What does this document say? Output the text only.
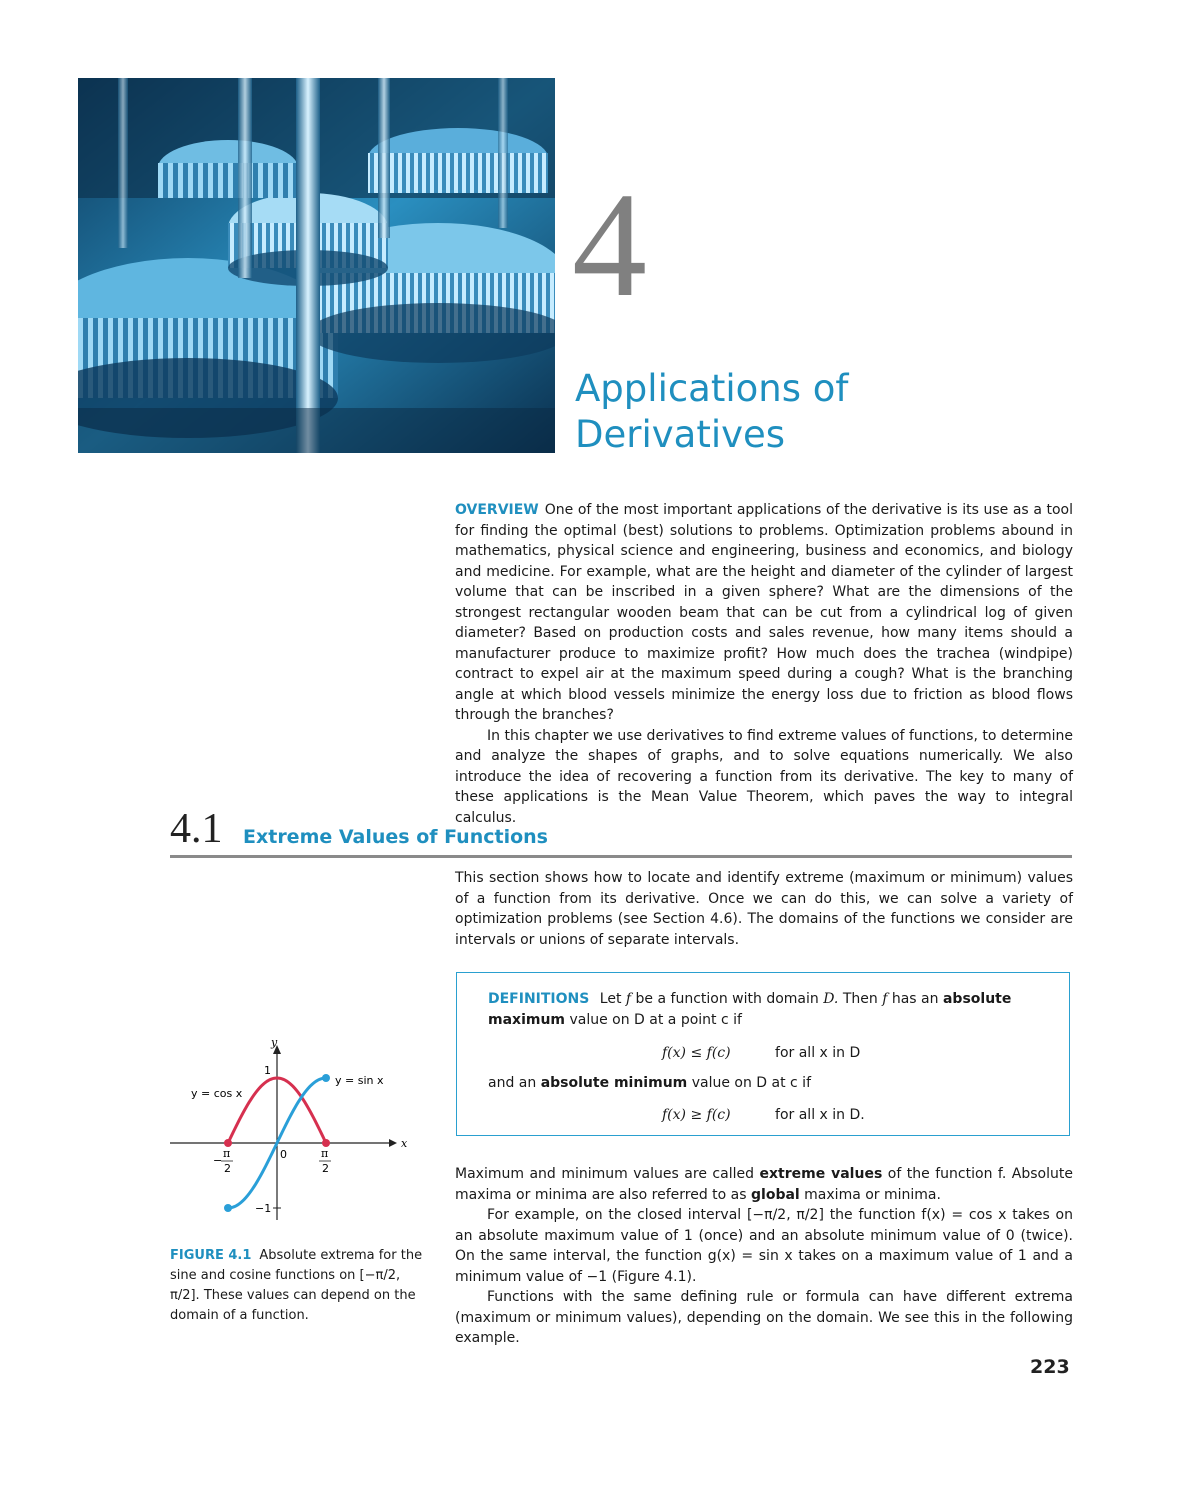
4
Applications of
Derivatives

OVERVIEW One of the most important applications of the derivative is its use as a tool for finding the optimal (best) solutions to problems. Optimization problems abound in mathematics, physical science and engineering, business and economics, and biology and medicine. For example, what are the height and diameter of the cylinder of largest volume that can be inscribed in a given sphere? What are the dimensions of the strongest rectangular wooden beam that can be cut from a cylindrical log of given diameter? Based on production costs and sales revenue, how many items should a manufacturer produce to maximize profit? How much does the trachea (windpipe) contract to expel air at the maximum speed during a cough? What is the branching angle at which blood vessels minimize the energy loss due to friction as blood flows through the branches?

In this chapter we use derivatives to find extreme values of functions, to determine and analyze the shapes of graphs, and to solve equations numerically. We also introduce the idea of recovering a function from its derivative. The key to many of these applications is the Mean Value Theorem, which paves the way to integral calculus.

4.1 Extreme Values of Functions
This section shows how to locate and identify extreme (maximum or minimum) values of a function from its derivative. Once we can do this, we can solve a variety of optimization problems (see Section 4.6). The domains of the functions we consider are intervals or unions of separate intervals.
DEFINITIONS Let f be a function with domain D. Then f has an absolute
maximum value on D at a point c if
f(x) ≤ f(c)	for all x in D
and an absolute minimum value on D at c if
f(x) ≥ f(c)	for all x in D.
y
x
1
−1
0
y = cos x
y = sin x
−
π
2
π
2
FIGURE 4.1 Absolute extrema for the sine and cosine functions on [−π/2, π/2]. These values can depend on the domain of a function.

Maximum and minimum values are called extreme values of the function f. Absolute maxima or minima are also referred to as global maxima or minima.

For example, on the closed interval [−π/2, π/2] the function f(x) = cos x takes on an absolute maximum value of 1 (once) and an absolute minimum value of 0 (twice). On the same interval, the function g(x) = sin x takes on a maximum value of 1 and a minimum value of −1 (Figure 4.1).

Functions with the same defining rule or formula can have different extrema (maximum or minimum values), depending on the domain. We see this in the following example.

223
